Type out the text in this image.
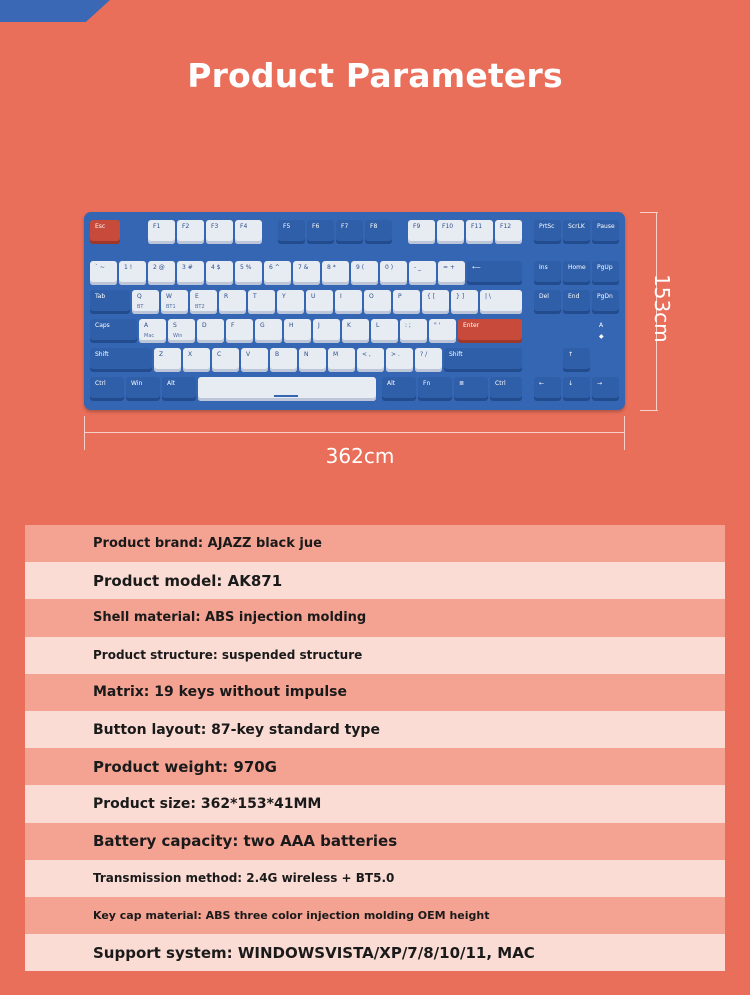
Product Parameters
Esc	F1	F2	F3	F4	F5	F6	F7	F8	F9	F10	F11	F12	PrtSc	ScrLK	Pause
` ~	1 !	2 @	3 #	4 $	5 %	6 ^	7 &	8 *	9 (	0 )	- _	= +	⟵	Ins	Home	PgUp
Tab	Q
BT
W
BT1
E
BT2
R	T	Y	U	I	O	P	{ [	} ]	| \	Del	End	PgDn
Caps	A
Mac
S
Win
D	F	G	H	J	K	L	: ;	" '	Enter	A
◆
Shift	Z	X	C	V	B	N	M	< ,	> .	? /	Shift	↑
Ctrl	Win	Alt	Alt	Fn	≣	Ctrl	←	↓	→
153cm
362cm
Product brand: AJAZZ black jue
Product model: AK871
Shell material: ABS injection molding
Product structure: suspended structure
Matrix: 19 keys without impulse
Button layout: 87-key standard type
Product weight: 970G
Product size: 362*153*41MM
Battery capacity: two AAA batteries
Transmission method: 2.4G wireless + BT5.0
Key cap material: ABS three color injection molding OEM height
Support system: WINDOWSVISTA/XP/7/8/10/11, MAC
